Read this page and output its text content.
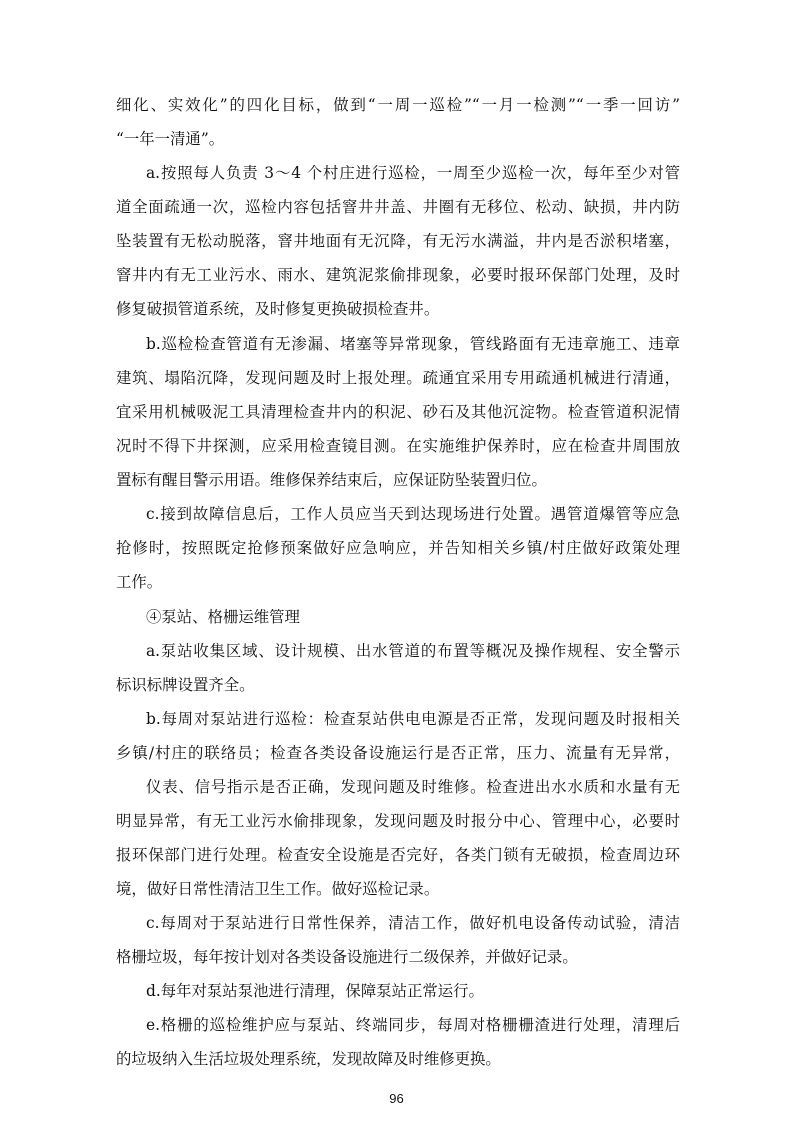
细化、实效化”的四化目标，做到“一周一巡检”“一月一检测”“一季一回访”
“一年一清通”。
a.按照每人负责 3～4 个村庄进行巡检，一周至少巡检一次，每年至少对管
道全面疏通一次，巡检内容包括窨井井盖、井圈有无移位、松动、缺损，井内防
坠装置有无松动脱落，窨井地面有无沉降，有无污水满溢，井内是否淤积堵塞，
窨井内有无工业污水、雨水、建筑泥浆偷排现象，必要时报环保部门处理，及时
修复破损管道系统，及时修复更换破损检查井。
b.巡检检查管道有无渗漏、堵塞等异常现象，管线路面有无违章施工、违章
建筑、塌陷沉降，发现问题及时上报处理。疏通宜采用专用疏通机械进行清通，
宜采用机械吸泥工具清理检查井内的积泥、砂石及其他沉淀物。检查管道积泥情
况时不得下井探测，应采用检查镜目测。在实施维护保养时，应在检查井周围放
置标有醒目警示用语。维修保养结束后，应保证防坠装置归位。
c.接到故障信息后，工作人员应当天到达现场进行处置。遇管道爆管等应急
抢修时，按照既定抢修预案做好应急响应，并告知相关乡镇/村庄做好政策处理
工作。
④泵站、格栅运维管理
a.泵站收集区域、设计规模、出水管道的布置等概况及操作规程、安全警示
标识标牌设置齐全。
b.每周对泵站进行巡检：检查泵站供电电源是否正常，发现问题及时报相关
乡镇/村庄的联络员；检查各类设备设施运行是否正常，压力、流量有无异常，
仪表、信号指示是否正确，发现问题及时维修。检查进出水水质和水量有无
明显异常，有无工业污水偷排现象，发现问题及时报分中心、管理中心，必要时
报环保部门进行处理。检查安全设施是否完好，各类门锁有无破损，检查周边环
境，做好日常性清洁卫生工作。做好巡检记录。
c.每周对于泵站进行日常性保养，清洁工作，做好机电设备传动试验，清洁
格栅垃圾，每年按计划对各类设备设施进行二级保养，并做好记录。
d.每年对泵站泵池进行清理，保障泵站正常运行。
e.格栅的巡检维护应与泵站、终端同步，每周对格栅栅渣进行处理，清理后
的垃圾纳入生活垃圾处理系统，发现故障及时维修更换。
96
